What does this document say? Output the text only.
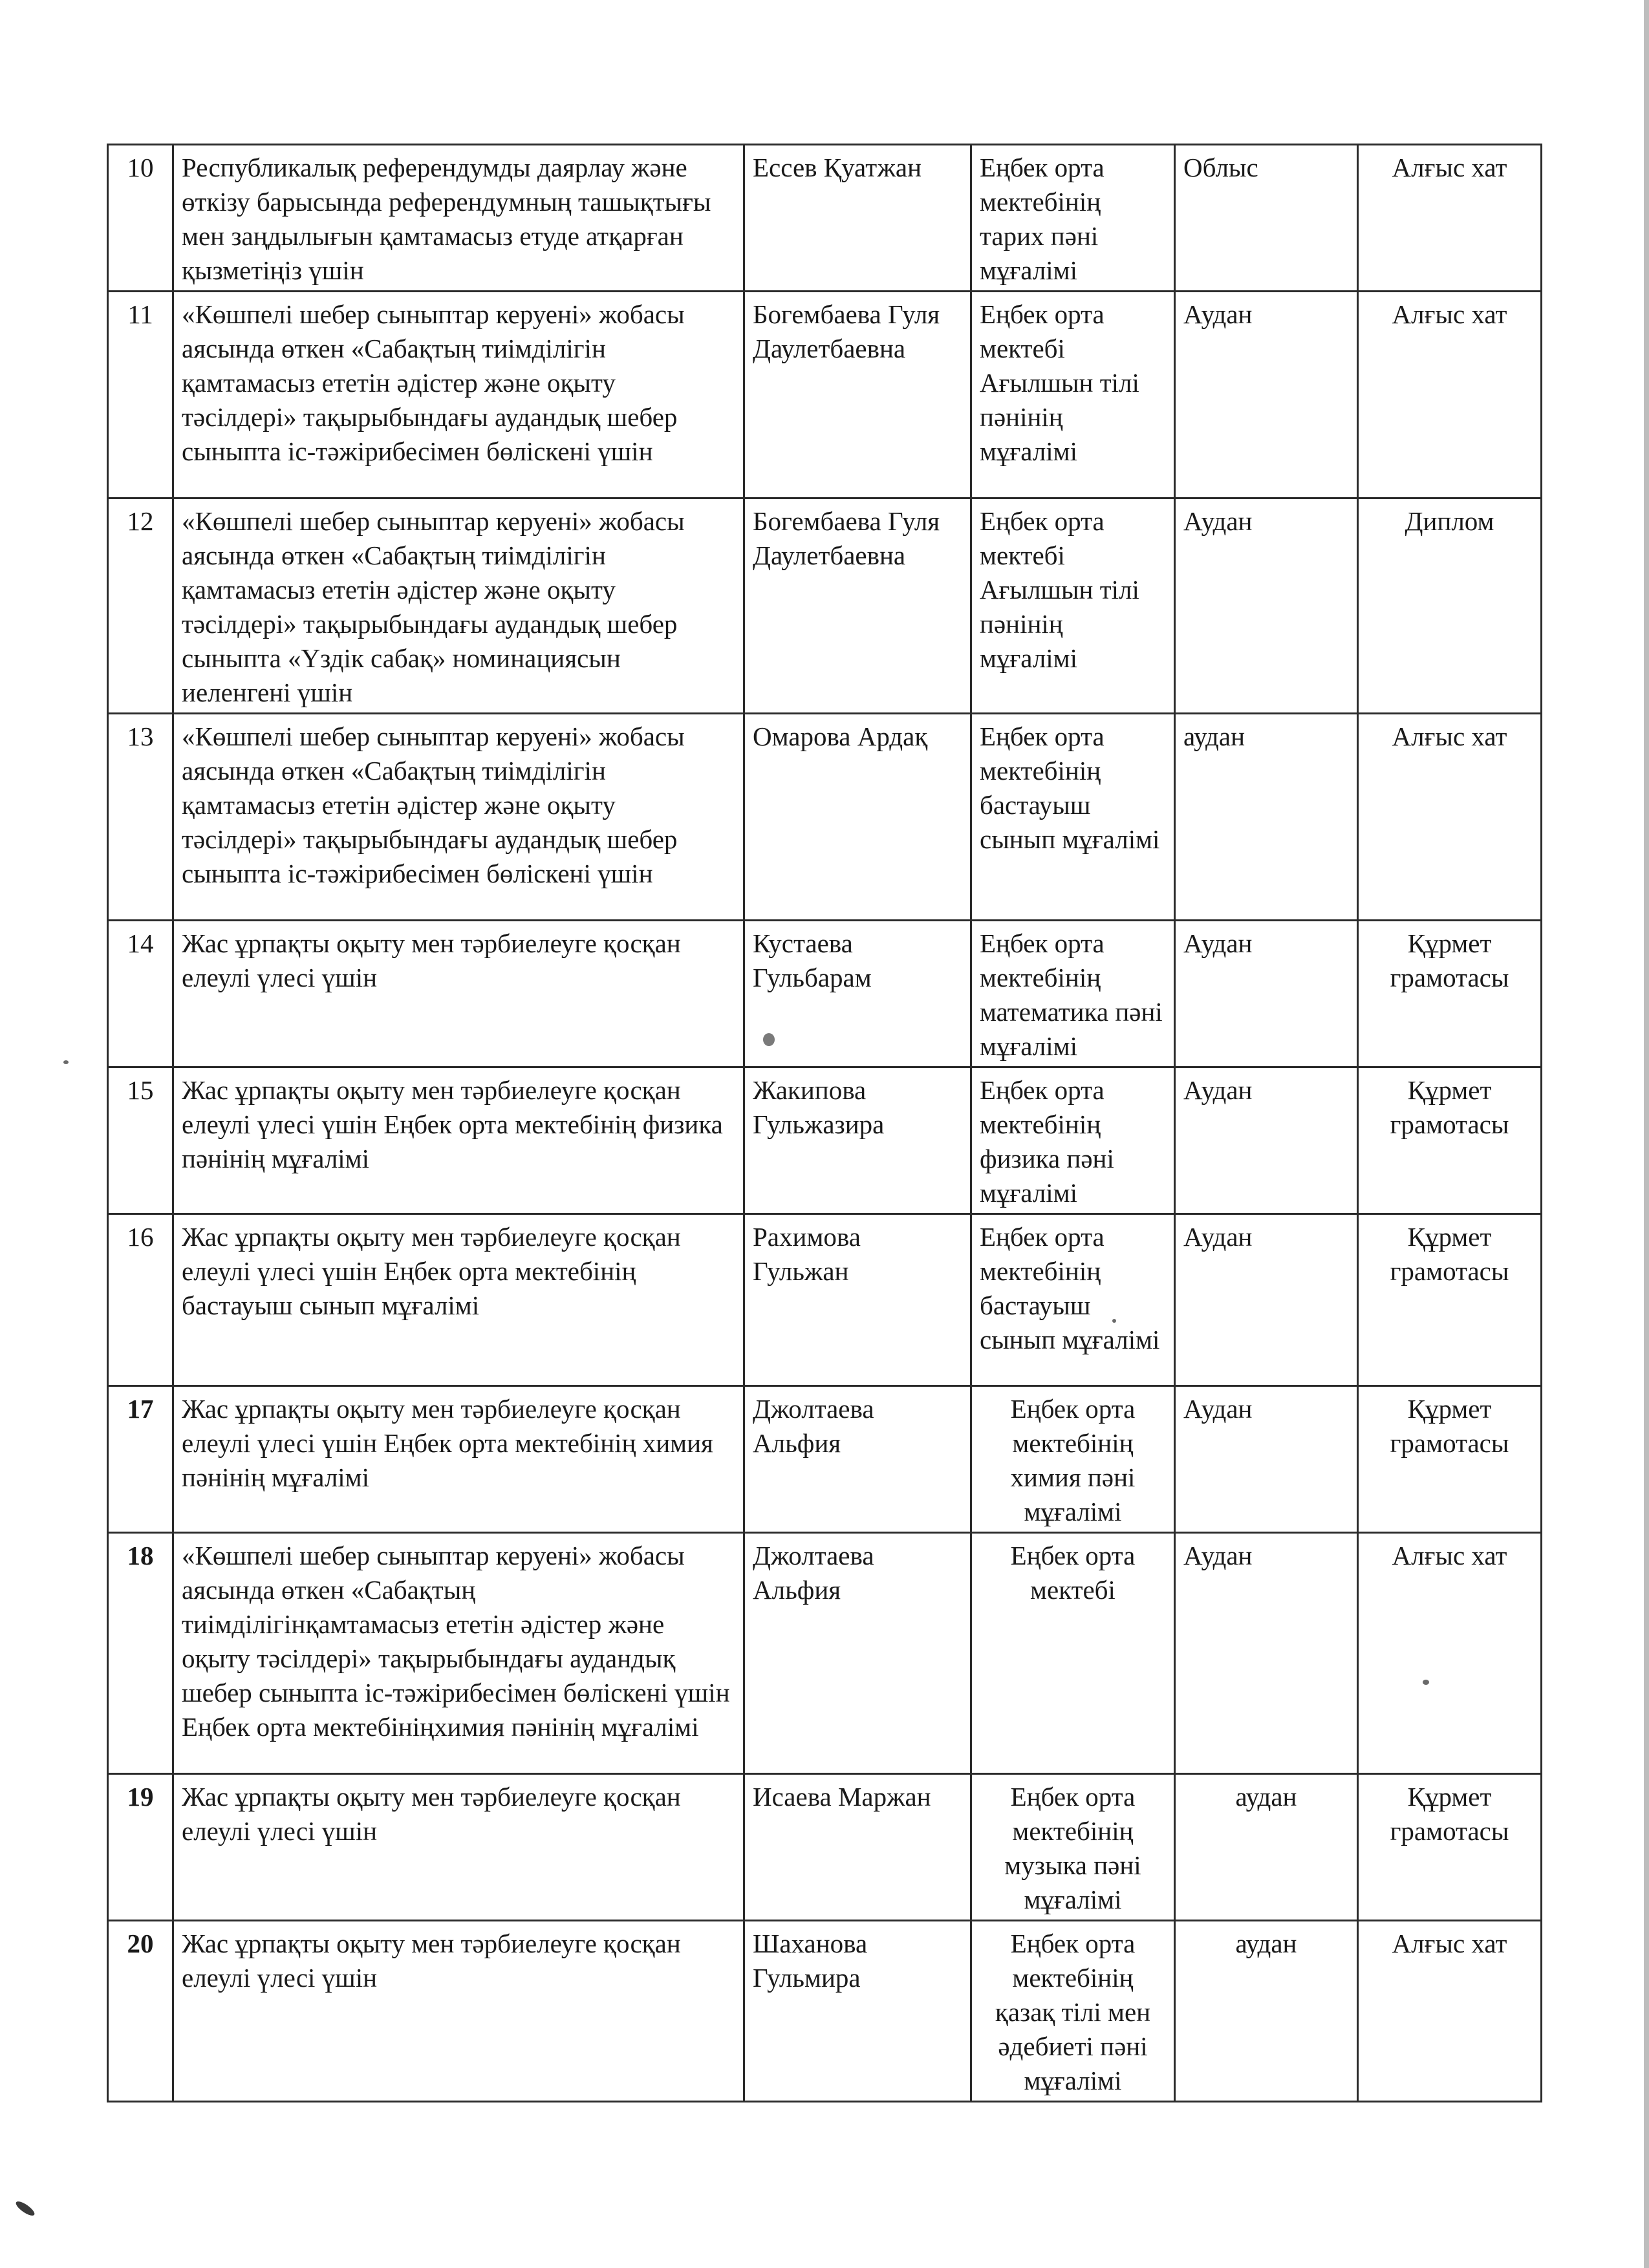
10	Республикалық референдумды даярлау және өткізу барысында референдумның ташықтығы мен заңдылығын қамтамасыз етуде атқарған қызметіңіз үшін	Ессев Қуатжан	Еңбек орта мектебінің тарих пәні мұғалімі	Облыс	Алғыс хат
11	«Көшпелі шебер сыныптар керуені» жобасы аясында өткен «Сабақтың тиімділігін қамтамасыз ететін әдістер және оқыту тәсілдері» тақырыбындағы аудандық шебер сыныпта іс-тәжірибесімен бөліскені үшін	Богембаева Гуля Даулетбаевна	Еңбек орта мектебі Ағылшын тілі пәнінің мұғалімі	Аудан	Алғыс хат
12	«Көшпелі шебер сыныптар керуені» жобасы аясында өткен «Сабақтың тиімділігін қамтамасыз ететін әдістер және оқыту тәсілдері» тақырыбындағы аудандық шебер сыныпта «Үздік сабақ» номинациясын иеленгені үшін	Богембаева Гуля Даулетбаевна	Еңбек орта мектебі Ағылшын тілі пәнінің мұғалімі	Аудан	Диплом
13	«Көшпелі шебер сыныптар керуені» жобасы аясында өткен «Сабақтың тиімділігін қамтамасыз ететін әдістер және оқыту тәсілдері» тақырыбындағы аудандық шебер сыныпта іс-тәжірибесімен бөліскені үшін	Омарова Ардақ	Еңбек орта мектебінің бастауыш сынып мұғалімі	аудан	Алғыс хат
14	Жас ұрпақты оқыту мен тәрбиелеуге қосқан елеулі үлесі үшін	Кустаева Гульбарам	Еңбек орта мектебінің математика пәні мұғалімі	Аудан	Құрмет грамотасы
15	Жас ұрпақты оқыту мен тәрбиелеуге қосқан елеулі үлесі үшін Еңбек орта мектебінің физика пәнінің мұғалімі	Жакипова Гульжазира	Еңбек орта мектебінің физика пәні мұғалімі	Аудан	Құрмет грамотасы
16	Жас ұрпақты оқыту мен тәрбиелеуге қосқан елеулі үлесі үшін Еңбек орта мектебінің бастауыш сынып мұғалімі	Рахимова Гульжан	Еңбек орта мектебінің бастауыш сынып мұғалімі	Аудан	Құрмет грамотасы
17	Жас ұрпақты оқыту мен тәрбиелеуге қосқан елеулі үлесі үшін Еңбек орта мектебінің химия пәнінің мұғалімі	Джолтаева Альфия	Еңбек орта мектебінің химия пәні мұғалімі	Аудан	Құрмет грамотасы
18	«Көшпелі шебер сыныптар керуені» жобасы аясында өткен «Сабақтың тиімділігінқамтамасыз ететін әдістер және оқыту тәсілдері» тақырыбындағы аудандық шебер сыныпта іс-тәжірибесімен бөліскені үшін Еңбек орта мектебініңхимия пәнінің мұғалімі	Джолтаева Альфия	Еңбек орта мектебі	Аудан	Алғыс хат
19	Жас ұрпақты оқыту мен тәрбиелеуге қосқан елеулі үлесі үшін	Исаева Маржан	Еңбек орта мектебінің музыка пәні мұғалімі	аудан	Құрмет грамотасы
20	Жас ұрпақты оқыту мен тәрбиелеуге қосқан елеулі үлесі үшін	Шаханова Гульмира	Еңбек орта мектебінің қазақ тілі мен әдебиеті пәні мұғалімі	аудан	Алғыс хат
